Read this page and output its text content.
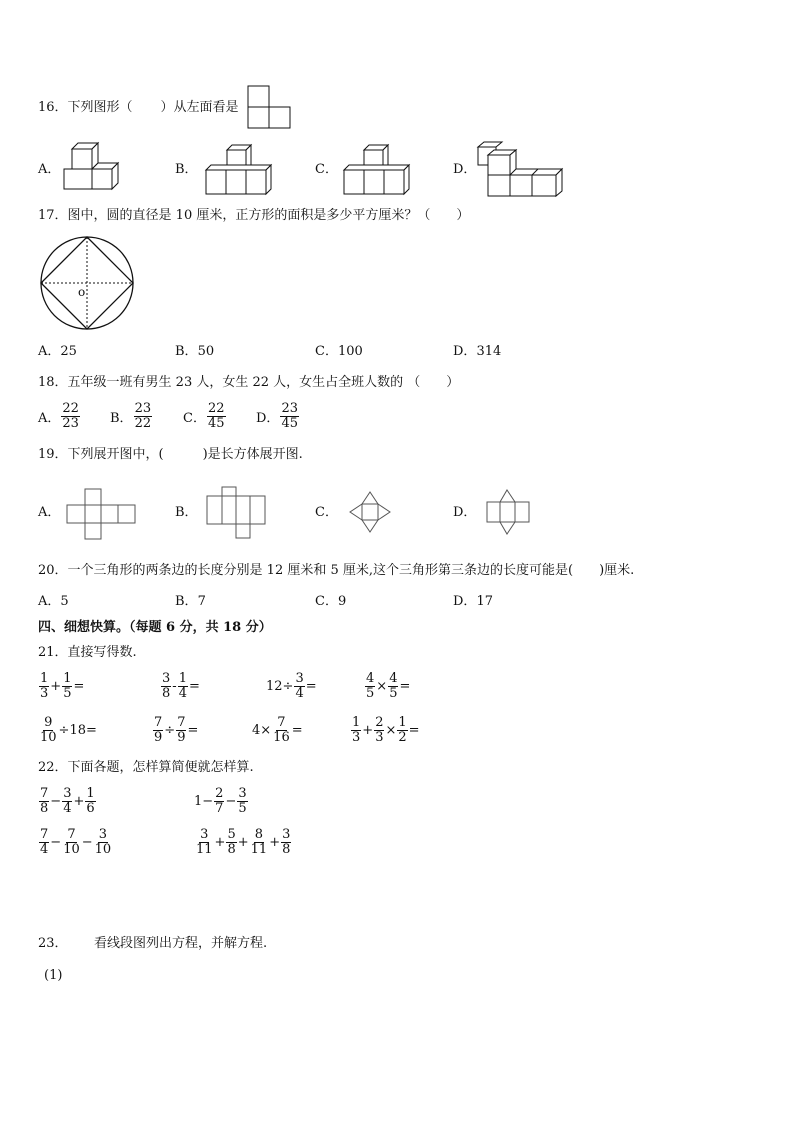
16．下列图形（ ）从左面看是
A．	B．	C．	D．
17．图中，圆的直径是 10 厘米，正方形的面积是多少平方厘米？（　　）
o
A．25	B．50	C．100	D．314
18．五年级一班有男生 23 人，女生 22 人，女生占全班人数的 （　　）
A． $\frac{22}{23}$ B． $\frac{23}{22}$ C． $\frac{22}{45}$ D． $\frac{23}{45}$
19．下列展开图中，(　　　)是长方体展开图.
A．	B．	C．	D．
20．一个三角形的两条边的长度分别是 12 厘米和 5 厘米,这个三角形第三条边的长度可能是(　　)厘米.
A．5	B．7	C．9	D．17
四、细想快算。（每题 6 分，共 18 分）
21．直接写得数.
$\frac{1}{3} + \frac{1}{5}$ =	$\frac{3}{8} - \frac{1}{4}$ =	$12\div \frac{3}{4}$ =	$\frac{4}{5} \times \frac{4}{5}$ =
$\frac{9}{10} \div 18=$	$\frac{7}{9} \div \frac{7}{9}$ =	$4\times \frac{7}{16}$ =	$\frac{1}{3} + \frac{2}{3} \times \frac{1}{2}$ =
22．下面各题，怎样算简便就怎样算.
$\frac{7}{8} - \frac{3}{4} + \frac{1}{6}$	$1- \frac{2}{7} - \frac{3}{5}$
$\frac{7}{4} - \frac{7}{10} - \frac{3}{10}$	$\frac{3}{11} + \frac{5}{8} + \frac{8}{11} + \frac{3}{8}$
23． 看线段图列出方程，并解方程.
(1)
